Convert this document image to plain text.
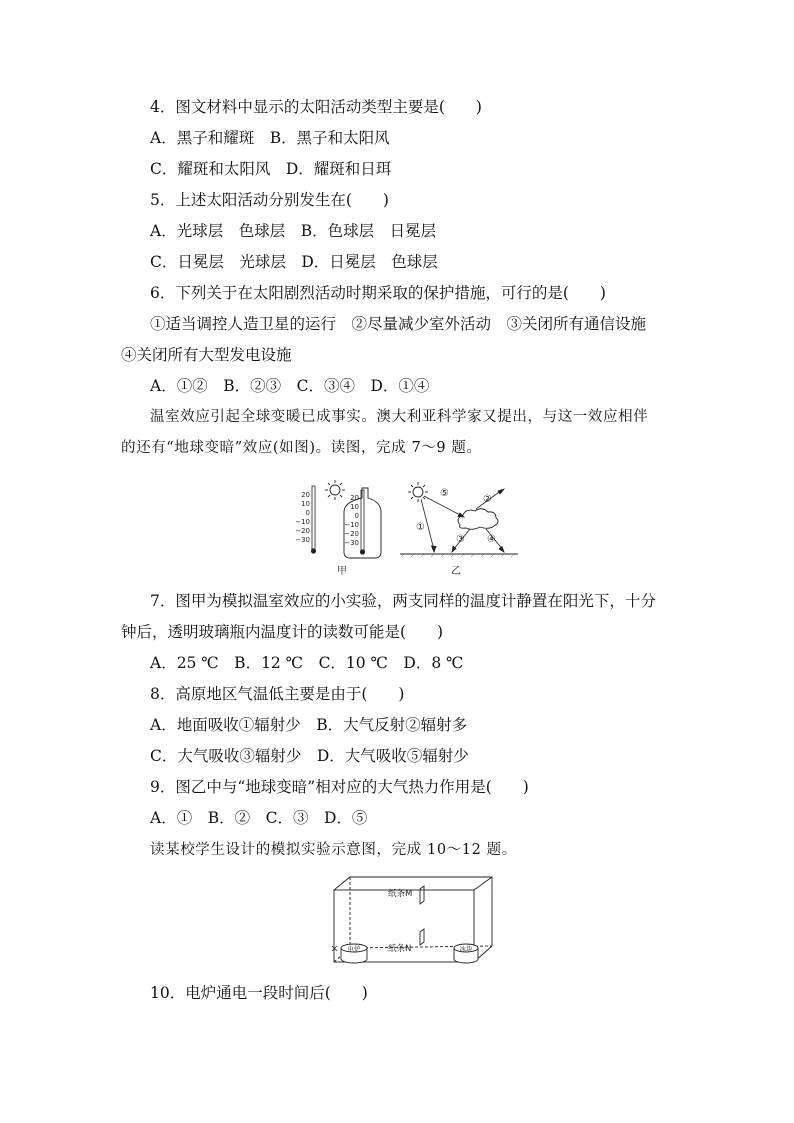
4．图文材料中显示的太阳活动类型主要是(　　)
A．黑子和耀斑　B．黑子和太阳风
C．耀斑和太阳风　D．耀斑和日珥
5．上述太阳活动分别发生在(　　)
A．光球层　色球层　B．色球层　日冕层
C．日冕层　光球层　D．日冕层　色球层
6．下列关于在太阳剧烈活动时期采取的保护措施，可行的是(　　)
①适当调控人造卫星的运行　②尽量减少室外活动　③关闭所有通信设施
④关闭所有大型发电设施
A．①②　B．②③　C．③④　D．①④
温室效应引起全球变暖已成事实。澳大利亚科学家又提出，与这一效应相伴
的还有“地球变暗”效应(如图)。读图，完成 7～9 题。
20
10
0
−10
−20
−30
20
10
0
−10
−20
−30
甲
①
②
③ ④
⑤
乙
7．图甲为模拟温室效应的小实验，两支同样的温度计静置在阳光下，十分
钟后，透明玻璃瓶内温度计的读数可能是(　　)
A．25 ℃　B．12 ℃　C．10 ℃　D．8 ℃
8．高原地区气温低主要是由于(　　)
A．地面吸收①辐射少　B．大气反射②辐射多
C．大气吸收③辐射少　D．大气吸收⑤辐射少
9．图乙中与“地球变暗”相对应的大气热力作用是(　　)
A．①　B．②　C．③　D．⑤
读某校学生设计的模拟实验示意图，完成 10～12 题。
纸条M
纸条N
电炉	冰块
10．电炉通电一段时间后(　　)
